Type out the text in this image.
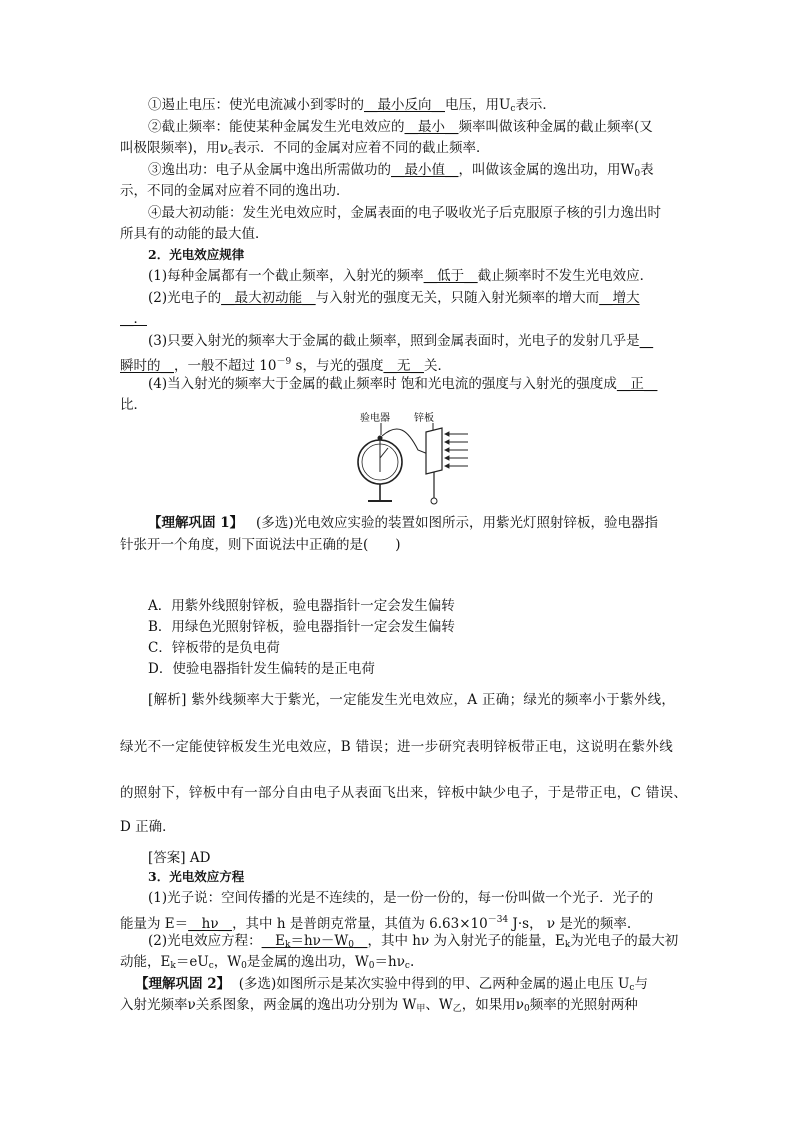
①遏止电压：使光电流减小到零时的__最小反向__电压，用$U_c$表示．
②截止频率：能使某种金属发生光电效应的__最小__频率叫做该种金属的截止频率(又
叫极限频率)，用$\nu_c$表示．不同的金属对应着不同的截止频率．
③逸出功：电子从金属中逸出所需做功的__最小值__，叫做该金属的逸出功，用$W_0$表
示，不同的金属对应着不同的逸出功．
④最大初动能：发生光电效应时，金属表面的电子吸收光子后克服原子核的引力逸出时
所具有的动能的最大值．
2．光电效应规律
(1)每种金属都有一个截止频率，入射光的频率__低于__截止频率时不发生光电效应．
(2)光电子的__最大初动能__与入射光的强度无关，只随入射光频率的增大而__增大
__．
(3)只要入射光的频率大于金属的截止频率，照到金属表面时，光电子的发射几乎是__
瞬时的__，一般不超过 $10^{-9}$ s，与光的强度__无__关．
(4)当入射光的频率大于金属的截止频率时 饱和光电流的强度与入射光的强度成__正__
比．
验电器 锌板
【理解巩固 1】 (多选)光电效应实验的装置如图所示，用紫光灯照射锌板，验电器指
针张开一个角度，则下面说法中正确的是(　　)
A．用紫外线照射锌板，验电器指针一定会发生偏转
B．用绿色光照射锌板，验电器指针一定会发生偏转
C．锌板带的是负电荷
D．使验电器指针发生偏转的是正电荷
[解析] 紫外线频率大于紫光，一定能发生光电效应，A 正确；绿光的频率小于紫外线，
绿光不一定能使锌板发生光电效应，B 错误；进一步研究表明锌板带正电，这说明在紫外线
的照射下，锌板中有一部分自由电子从表面飞出来，锌板中缺少电子，于是带正电，C 错误、
D 正确．
[答案] AD
3．光电效应方程
(1)光子说：空间传播的光是不连续的，是一份一份的，每一份叫做一个光子．光子的
能量为 E＝__hν__，其中 h 是普朗克常量，其值为 $6.63\times 10^{-34}$ J·s， ν 是光的频率.
(2)光电效应方程：$\_\_E_k=h\nu-W_0\_\_$，其中 hν 为入射光子的能量，$E_k$为光电子的最大初
动能，$E_k=eU_c$，$W_0$是金属的逸出功，$W_0=h\nu_c$.
【理解巩固 2】 (多选)如图所示是某次实验中得到的甲、乙两种金属的遏止电压 $U_c$与
入射光频率ν关系图象，两金属的逸出功分别为 $W_甲$、$W_乙$，如果用$\nu_0$频率的光照射两种
